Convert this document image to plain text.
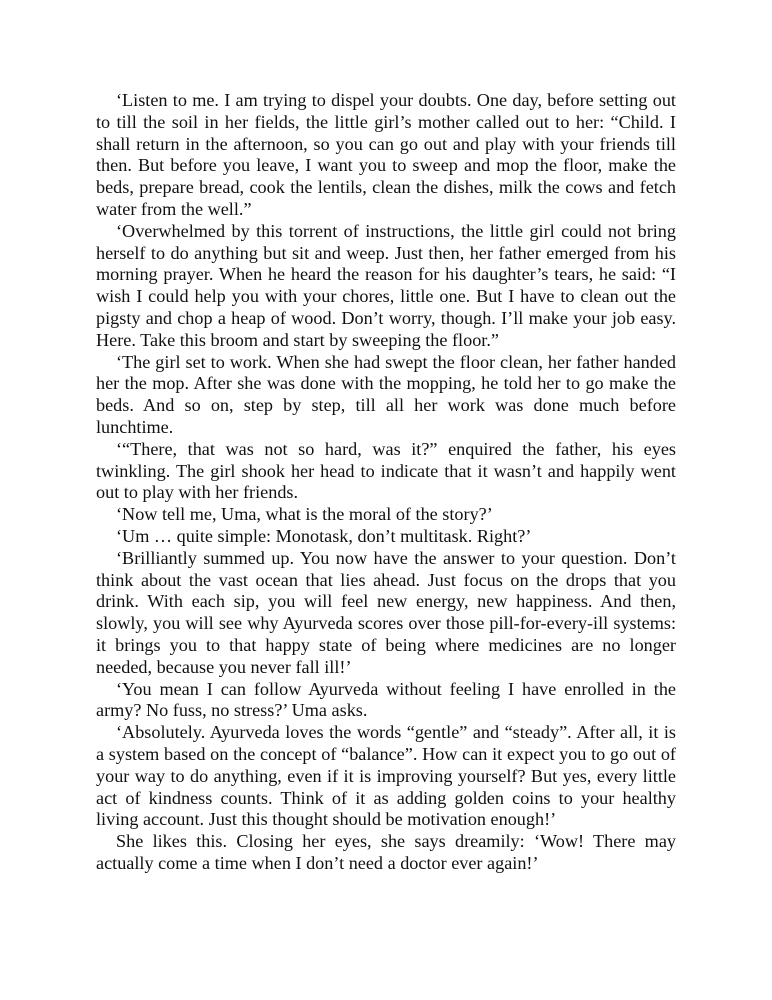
‘Listen to me. I am trying to dispel your doubts. One day, before setting out to till the soil in her fields, the little girl’s mother called out to her: “Child. I shall return in the afternoon, so you can go out and play with your friends till then. But before you leave, I want you to sweep and mop the floor, make the beds, prepare bread, cook the lentils, clean the dishes, milk the cows and fetch water from the well.”

‘Overwhelmed by this torrent of instructions, the little girl could not bring herself to do anything but sit and weep. Just then, her father emerged from his morning prayer. When he heard the reason for his daughter’s tears, he said: “I wish I could help you with your chores, little one. But I have to clean out the pigsty and chop a heap of wood. Don’t worry, though. I’ll make your job easy. Here. Take this broom and start by sweeping the floor.”

‘The girl set to work. When she had swept the floor clean, her father handed her the mop. After she was done with the mopping, he told her to go make the beds. And so on, step by step, till all her work was done much before lunchtime.

‘“There, that was not so hard, was it?” enquired the father, his eyes twinkling. The girl shook her head to indicate that it wasn’t and happily went out to play with her friends.

‘Now tell me, Uma, what is the moral of the story?’

‘Um … quite simple: Monotask, don’t multitask. Right?’

‘Brilliantly summed up. You now have the answer to your question. Don’t think about the vast ocean that lies ahead. Just focus on the drops that you drink. With each sip, you will feel new energy, new happiness. And then, slowly, you will see why Ayurveda scores over those pill-for-every-ill systems: it brings you to that happy state of being where medicines are no longer needed, because you never fall ill!’

‘You mean I can follow Ayurveda without feeling I have enrolled in the army? No fuss, no stress?’ Uma asks.

‘Absolutely. Ayurveda loves the words “gentle” and “steady”. After all, it is a system based on the concept of “balance”. How can it expect you to go out of your way to do anything, even if it is improving yourself? But yes, every little act of kindness counts. Think of it as adding golden coins to your healthy living account. Just this thought should be motivation enough!’

She likes this. Closing her eyes, she says dreamily: ‘Wow! There may actually come a time when I don’t need a doctor ever again!’
